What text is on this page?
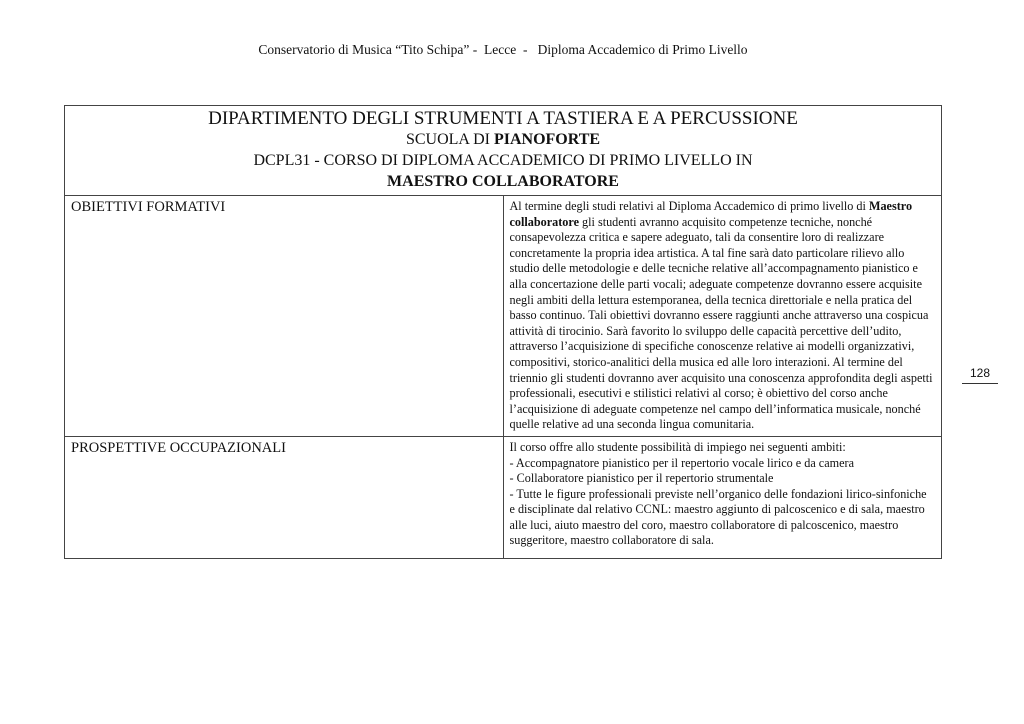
Conservatorio di Musica “Tito Schipa” -  Lecce  -   Diploma Accademico di Primo Livello
128
DIPARTIMENTO DEGLI STRUMENTI A TASTIERA E A PERCUSSIONE
SCUOLA DI PIANOFORTE
DCPL31 - CORSO DI DIPLOMA ACCADEMICO DI PRIMO LIVELLO IN
MAESTRO COLLABORATORE	

OBIETTIVI FORMATIVI	Al termine degli studi relativi al Diploma Accademico di primo livello di Maestro collaboratore gli studenti avranno acquisito competenze tecniche, nonché consapevolezza critica e sapere adeguato, tali da consentire loro di realizzare concretamente la propria idea artistica. A tal fine sarà dato particolare rilievo allo studio delle metodologie e delle tecniche relative all’accompagnamento pianistico e alla concertazione delle parti vocali; adeguate competenze dovranno essere acquisite negli ambiti della lettura estemporanea, della tecnica direttoriale e nella pratica del basso continuo. Tali obiettivi dovranno essere raggiunti anche attraverso una cospicua attività di tirocinio. Sarà favorito lo sviluppo delle capacità percettive dell’udito, attraverso l’acquisizione di specifiche conoscenze relative ai modelli organizzativi, compositivi, storico-analitici della musica ed alle loro interazioni. Al termine del triennio gli studenti dovranno aver acquisito una conoscenza approfondita degli aspetti professionali, esecutivi e stilistici relativi al corso; è obiettivo del corso anche l’acquisizione di adeguate competenze nel campo dell’informatica musicale, nonché quelle relative ad una seconda lingua comunitaria.
PROSPETTIVE OCCUPAZIONALI	Il corso offre allo studente possibilità di impiego nei seguenti ambiti:
- Accompagnatore pianistico per il repertorio vocale lirico e da camera
- Collaboratore pianistico per il repertorio strumentale
- Tutte le figure professionali previste nell’organico delle fondazioni lirico-sinfoniche e disciplinate dal relativo CCNL: maestro aggiunto di palcoscenico e di sala, maestro alle luci, aiuto maestro del coro, maestro collaboratore di palcoscenico, maestro suggeritore, maestro collaboratore di sala.
